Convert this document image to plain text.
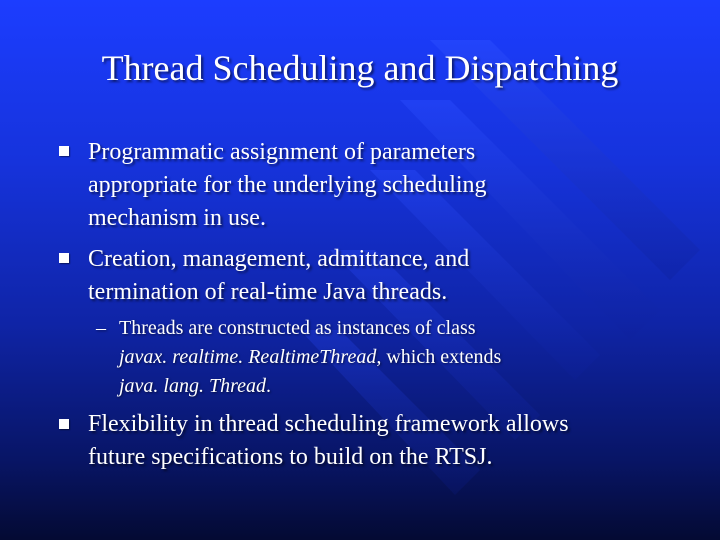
Thread Scheduling and Dispatching
Programmatic assignment of parameters
appropriate for the underlying scheduling
mechanism in use.
Creation, management, admittance, and
termination of real-time Java threads.
– Threads are constructed as instances of class
javax. realtime. RealtimeThread, which extends
java. lang. Thread.
Flexibility in thread scheduling framework allows
future specifications to build on the RTSJ.
